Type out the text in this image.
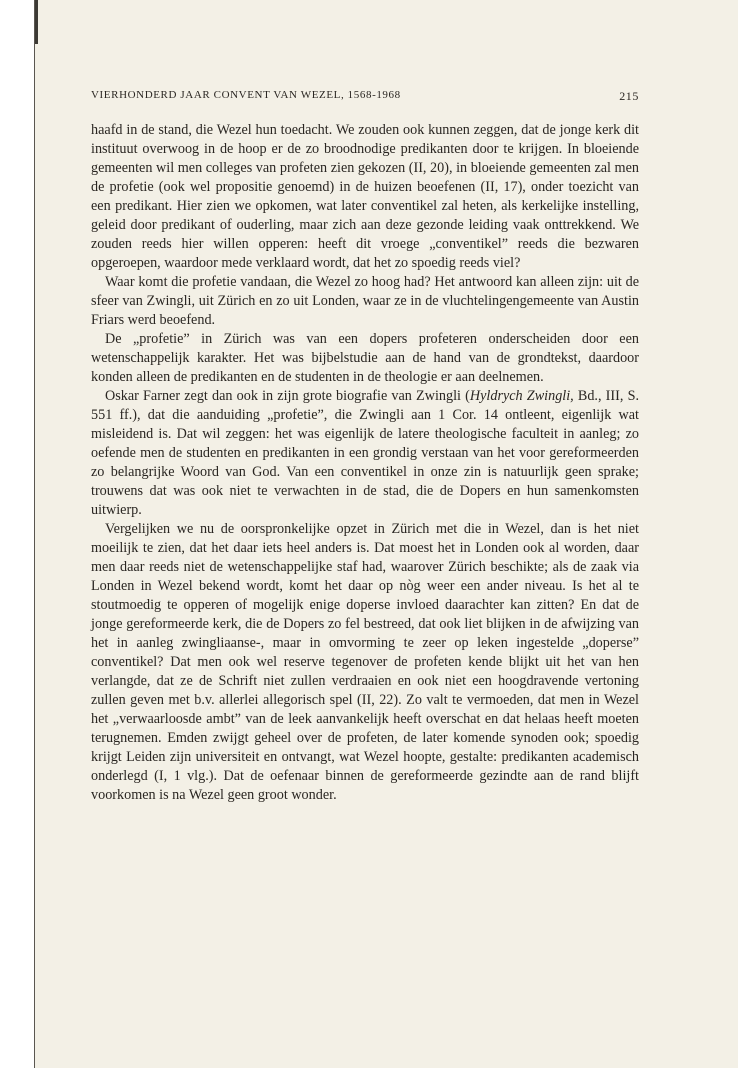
VIERHONDERD JAAR CONVENT VAN WEZEL, 1568-1968	215

haafd in de stand, die Wezel hun toedacht. We zouden ook kunnen zeggen, dat de jonge kerk dit instituut overwoog in de hoop er de zo broodnodige predikanten door te krijgen. In bloeiende gemeenten wil men colleges van profeten zien gekozen (II, 20), in bloeiende gemeenten zal men de profetie (ook wel propositie genoemd) in de huizen beoefenen (II, 17), onder toezicht van een predikant. Hier zien we opkomen, wat later conventikel zal heten, als kerkelijke instelling, geleid door predikant of ouderling, maar zich aan deze gezonde leiding vaak onttrekkend. We zouden reeds hier willen opperen: heeft dit vroege „conventikel” reeds die bezwaren opgeroepen, waardoor mede verklaard wordt, dat het zo spoedig reeds viel?

Waar komt die profetie vandaan, die Wezel zo hoog had? Het antwoord kan alleen zijn: uit de sfeer van Zwingli, uit Zürich en zo uit Londen, waar ze in de vluchtelingengemeente van Austin Friars werd beoefend.

De „profetie” in Zürich was van een dopers profeteren onderscheiden door een wetenschappelijk karakter. Het was bijbelstudie aan de hand van de grondtekst, daardoor konden alleen de predikanten en de studenten in de theologie er aan deelnemen.

Oskar Farner zegt dan ook in zijn grote biografie van Zwingli (Hyldrych Zwingli, Bd., III, S. 551 ff.), dat die aanduiding „profetie”, die Zwingli aan 1 Cor. 14 ontleent, eigenlijk wat misleidend is. Dat wil zeggen: het was eigenlijk de latere theologische faculteit in aanleg; zo oefende men de studenten en predikanten in een grondig verstaan van het voor gereformeerden zo belangrijke Woord van God. Van een conventikel in onze zin is natuurlijk geen sprake; trouwens dat was ook niet te verwachten in de stad, die de Dopers en hun samenkomsten uitwierp.

Vergelijken we nu de oorspronkelijke opzet in Zürich met die in Wezel, dan is het niet moeilijk te zien, dat het daar iets heel anders is. Dat moest het in Londen ook al worden, daar men daar reeds niet de wetenschappelijke staf had, waarover Zürich beschikte; als de zaak via Londen in Wezel bekend wordt, komt het daar op nòg weer een ander niveau. Is het al te stoutmoedig te opperen of mogelijk enige doperse invloed daarachter kan zitten? En dat de jonge gereformeerde kerk, die de Dopers zo fel bestreed, dat ook liet blijken in de afwijzing van het in aanleg zwingliaanse-, maar in omvorming te zeer op leken ingestelde „doperse” conventikel? Dat men ook wel reserve tegenover de profeten kende blijkt uit het van hen verlangde, dat ze de Schrift niet zullen verdraaien en ook niet een hoogdravende vertoning zullen geven met b.v. allerlei allegorisch spel (II, 22). Zo valt te vermoeden, dat men in Wezel het „verwaarloosde ambt” van de leek aanvankelijk heeft overschat en dat helaas heeft moeten terugnemen. Emden zwijgt geheel over de profeten, de later komende synoden ook; spoedig krijgt Leiden zijn universiteit en ontvangt, wat Wezel hoopte, gestalte: predikanten academisch onderlegd (I, 1 vlg.). Dat de oefenaar binnen de gereformeerde gezindte aan de rand blijft voorkomen is na Wezel geen groot wonder.
